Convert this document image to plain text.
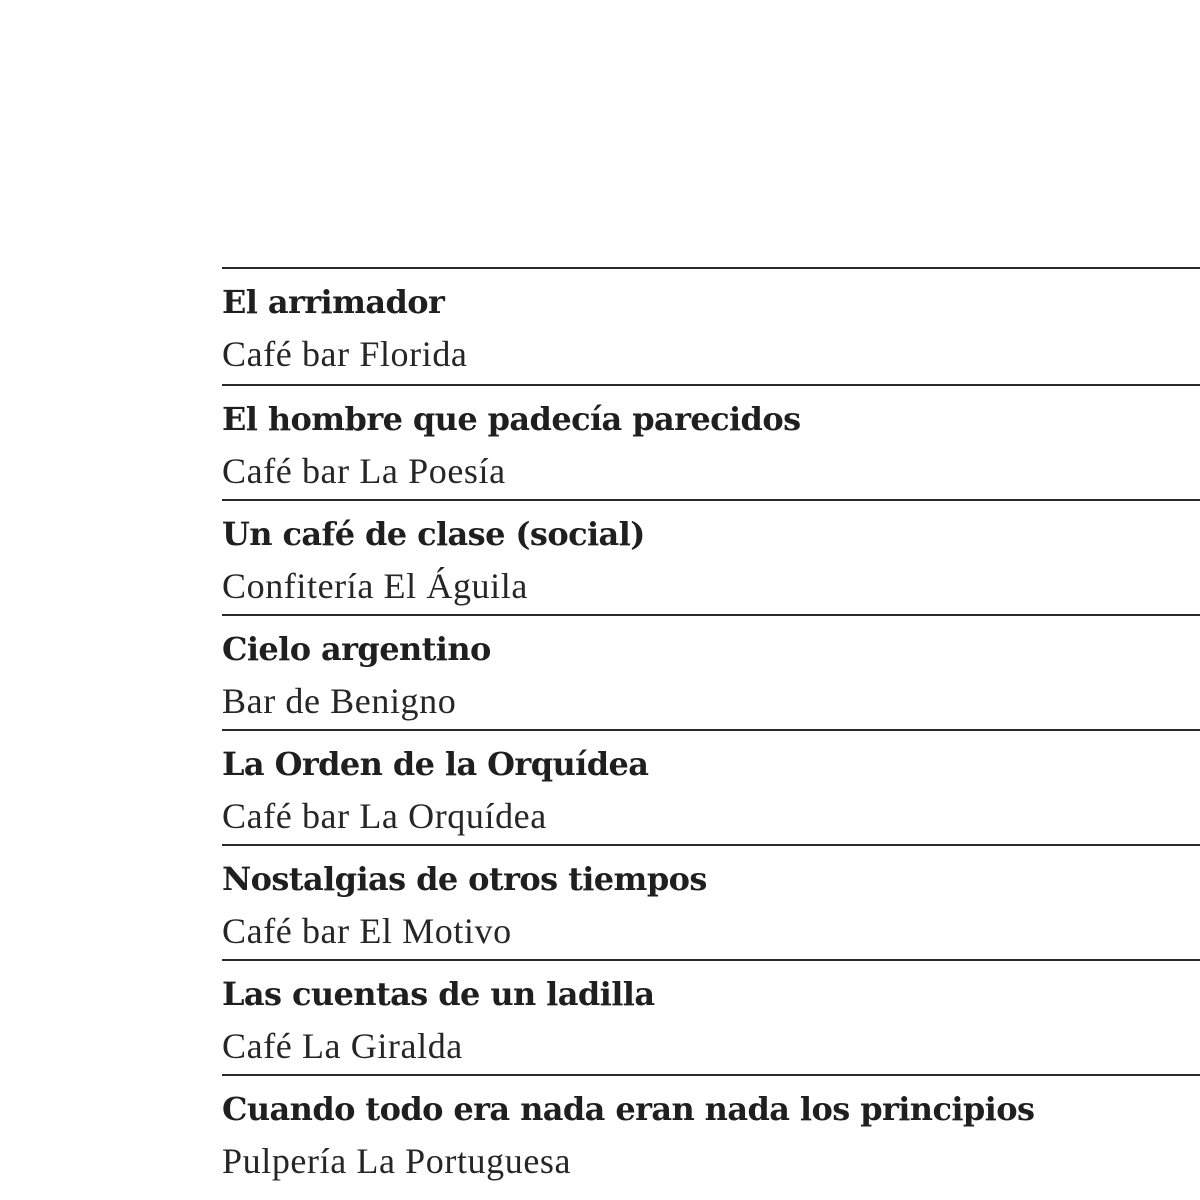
El arrimador
Café bar Florida
El hombre que padecía parecidos
Café bar La Poesía
Un café de clase (social)
Confitería El Águila
Cielo argentino
Bar de Benigno
La Orden de la Orquídea
Café bar La Orquídea
Nostalgias de otros tiempos
Café bar El Motivo
Las cuentas de un ladilla
Café La Giralda
Cuando todo era nada eran nada los principios
Pulpería La Portuguesa
